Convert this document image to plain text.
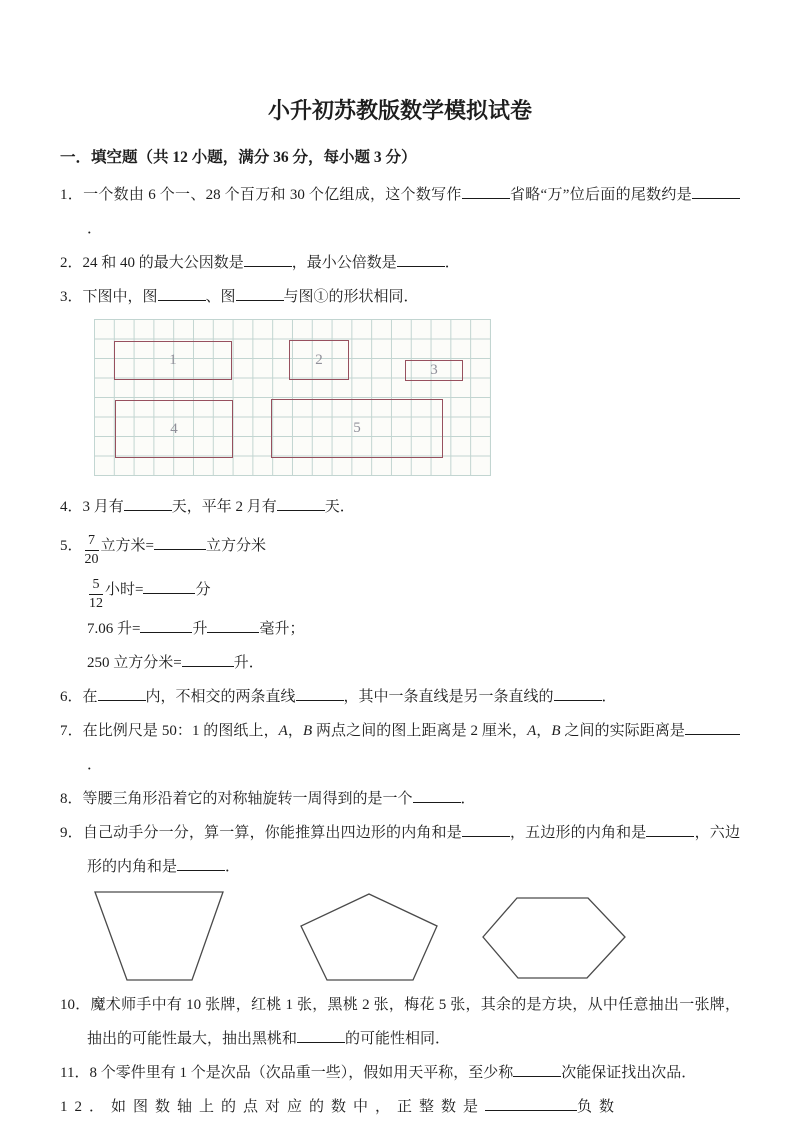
小升初苏教版数学模拟试卷

一．填空题（共 12 小题，满分 36 分，每小题 3 分）

1．一个数由 6 个一、28 个百万和 30 个亿组成，这个数写作	省略“万”位后面的尾数约是．

2．24 和 40 的最大公因数是	，最小公倍数是	．

3．下图中，图	、图	与图①的形状相同．

1	2
3
4	5

4．3 月有	天，平年 2 月有	天．

5． $\frac{7}{20}$ 立方米=	立方分米

$\frac{5}{12}$ 小时=	分

7.06 升=	升	毫升；

250 立方分米=	升．

6．在	内，不相交的两条直线	，其中一条直线是另一条直线的	．

7．在比例尺是 50：1 的图纸上，A，B 两点之间的图上距离是 2 厘米，A，B 之间的实际距离是．

8．等腰三角形沿着它的对称轴旋转一周得到的是一个	．

9．自己动手分一分，算一算，你能推算出四边形的内角和是	，五边形的内角和是	，六边形的内角和是	．

10．魔术师手中有 10 张牌，红桃 1 张，黑桃 2 张，梅花 5 张，其余的是方块，从中任意抽出一张牌，抽出的可能性最大，抽出黑桃和	的可能性相同．

11．8 个零件里有 1 个是次品（次品重一些），假如用天平称，至少称	次能保证找出次品．

12．如图数轴上的点对应的数中，正整数是	负数
